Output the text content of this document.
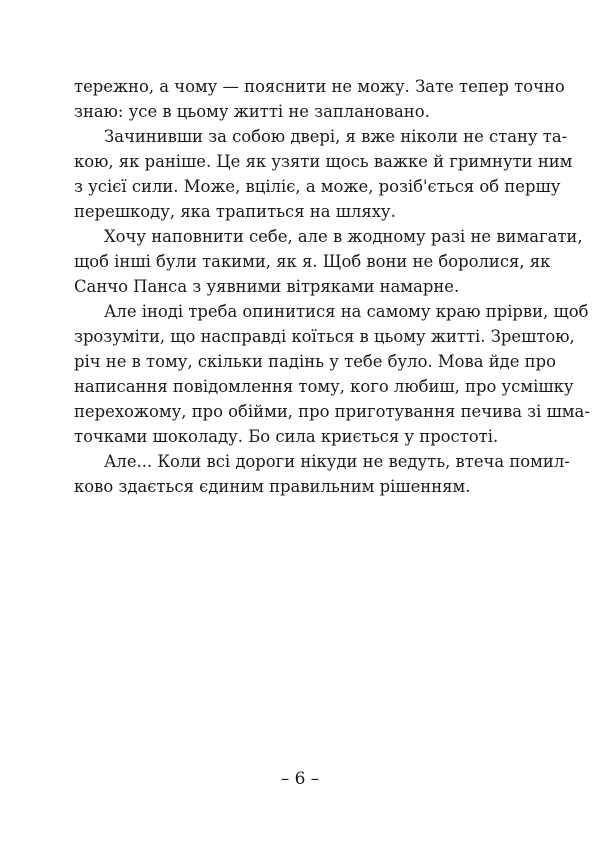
тережно, а чому — пояснити не можу. Зате тепер точно
знаю: усе в цьому житті не заплановано.
Зачинивши за собою двері, я вже ніколи не стану та-
кою, як раніше. Це як узяти щось важке й гримнути ним
з усієї сили. Може, вціліє, а може, розіб'ється об першу
перешкоду, яка трапиться на шляху.
Хочу наповнити себе, але в жодному разі не вимагати,
щоб інші були такими, як я. Щоб вони не боролися, як
Санчо Панса з уявними вітряками намарне.
Але іноді треба опинитися на самому краю прірви, щоб
зрозуміти, що насправді коїться в цьому житті. Зрештою,
річ не в тому, скільки падінь у тебе було. Мова йде про
написання повідомлення тому, кого любиш, про усмішку
перехожому, про обійми, про приготування печива зі шма-
точками шоколаду. Бо сила криється у простоті.
Але... Коли всі дороги нікуди не ведуть, втеча помил-
ково здається єдиним правильним рішенням.
– 6 –
